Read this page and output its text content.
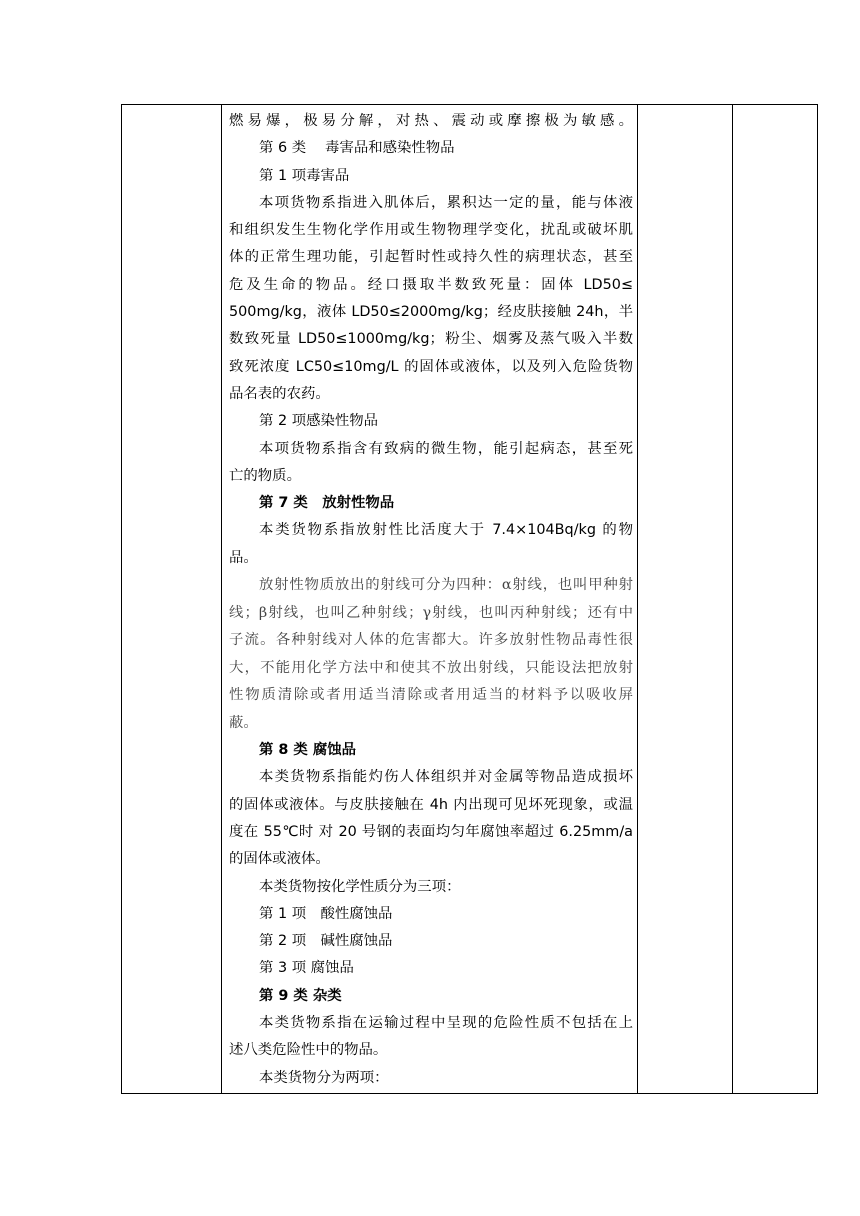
燃易爆，极易分解，对热、震动或摩擦极为敏感。
第 6 类　 毒害品和感染性物品
第 1 项毒害品
本项货物系指进入肌体后，累积达一定的量，能与体液
和组织发生生物化学作用或生物物理学变化，扰乱或破坏肌
体的正常生理功能，引起暂时性或持久性的病理状态，甚至
危及生命的物品。经口摄取半数致死量：固体 LD50≤
500mg/kg，液体 LD50≤2000mg/kg；经皮肤接触 24h，半
数致死量 LD50≤1000mg/kg；粉尘、烟雾及蒸气吸入半数
致死浓度 LC50≤10mg/L 的固体或液体，以及列入危险货物
品名表的农药。
第 2 项感染性物品
本项货物系指含有致病的微生物，能引起病态，甚至死
亡的物质。
第 7 类　放射性物品
本类货物系指放射性比活度大于 7.4×104Bq/kg 的物
品。
放射性物质放出的射线可分为四种：α射线，也叫甲种射
线；β射线，也叫乙种射线；γ射线，也叫丙种射线；还有中
子流。各种射线对人体的危害都大。许多放射性物品毒性很
大，不能用化学方法中和使其不放出射线，只能设法把放射
性物质清除或者用适当清除或者用适当的材料予以吸收屏
蔽。
第 8 类 腐蚀品
本类货物系指能灼伤人体组织并对金属等物品造成损坏
的固体或液体。与皮肤接触在 4h 内出现可见坏死现象，或温
度在 55℃时 对 20 号钢的表面均匀年腐蚀率超过 6.25mm/a
的固体或液体。
本类货物按化学性质分为三项：
第 1 项　酸性腐蚀品
第 2 项　碱性腐蚀品
第 3 项 腐蚀品
第 9 类 杂类
本类货物系指在运输过程中呈现的危险性质不包括在上
述八类危险性中的物品。
本类货物分为两项：
